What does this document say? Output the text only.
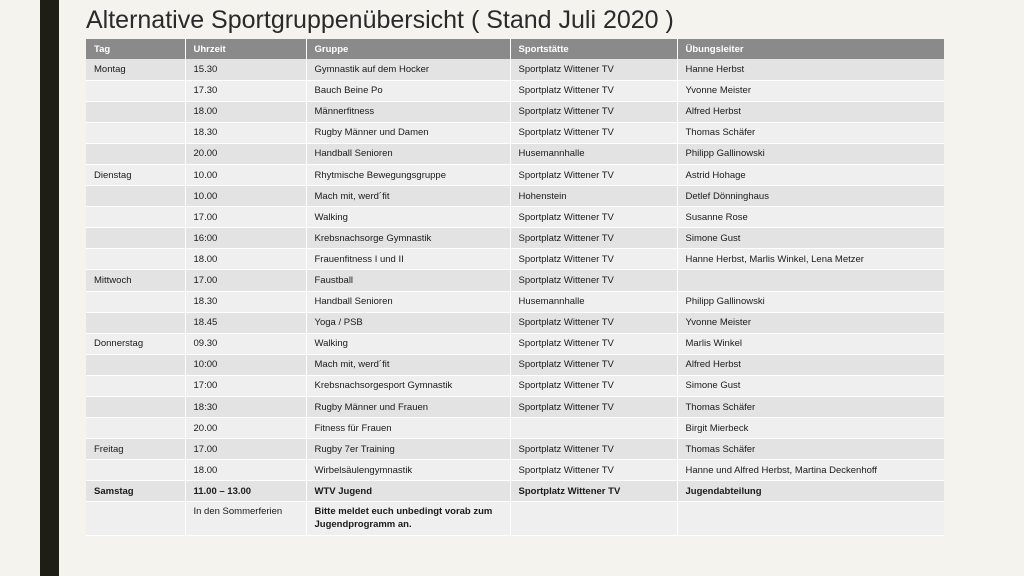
Alternative Sportgruppenübersicht ( Stand Juli 2020 )
Tag	Uhrzeit	Gruppe	Sportstätte	Übungsleiter
Montag	15.30	Gymnastik auf dem Hocker	Sportplatz Wittener TV	Hanne Herbst
	17.30	Bauch Beine Po	Sportplatz Wittener TV	Yvonne Meister
	18.00	Männerfitness	Sportplatz Wittener TV	Alfred Herbst
	18.30	Rugby Männer und Damen	Sportplatz Wittener TV	Thomas Schäfer
	20.00	Handball Senioren	Husemannhalle	Philipp Gallinowski
Dienstag	10.00	Rhytmische Bewegungsgruppe	Sportplatz Wittener TV	Astrid Hohage
	10.00	Mach mit, werd´fit	Hohenstein	Detlef Dönninghaus
	17.00	Walking	Sportplatz Wittener TV	Susanne Rose
	16:00	Krebsnachsorge Gymnastik	Sportplatz Wittener TV	Simone Gust
	18.00	Frauenfitness I und II	Sportplatz Wittener TV	Hanne Herbst, Marlis Winkel, Lena Metzer
Mittwoch	17.00	Faustball	Sportplatz Wittener TV	
	18.30	Handball Senioren	Husemannhalle	Philipp Gallinowski
	18.45	Yoga / PSB	Sportplatz Wittener TV	Yvonne Meister
Donnerstag	09.30	Walking	Sportplatz Wittener TV	Marlis Winkel
	10:00	Mach mit, werd´fit	Sportplatz Wittener TV	Alfred Herbst
	17:00	Krebsnachsorgesport Gymnastik	Sportplatz Wittener TV	Simone Gust
	18:30	Rugby Männer und Frauen	Sportplatz Wittener TV	Thomas Schäfer
	20.00	Fitness für Frauen		Birgit Mierbeck
Freitag	17.00	Rugby 7er Training	Sportplatz Wittener TV	Thomas Schäfer
	18.00	Wirbelsäulengymnastik	Sportplatz Wittener TV	Hanne und Alfred Herbst, Martina Deckenhoff
Samstag	11.00 – 13.00	WTV Jugend	Sportplatz Wittener TV	Jugendabteilung
	In den Sommerferien	Bitte meldet euch unbedingt vorab zum Jugendprogramm an.		
